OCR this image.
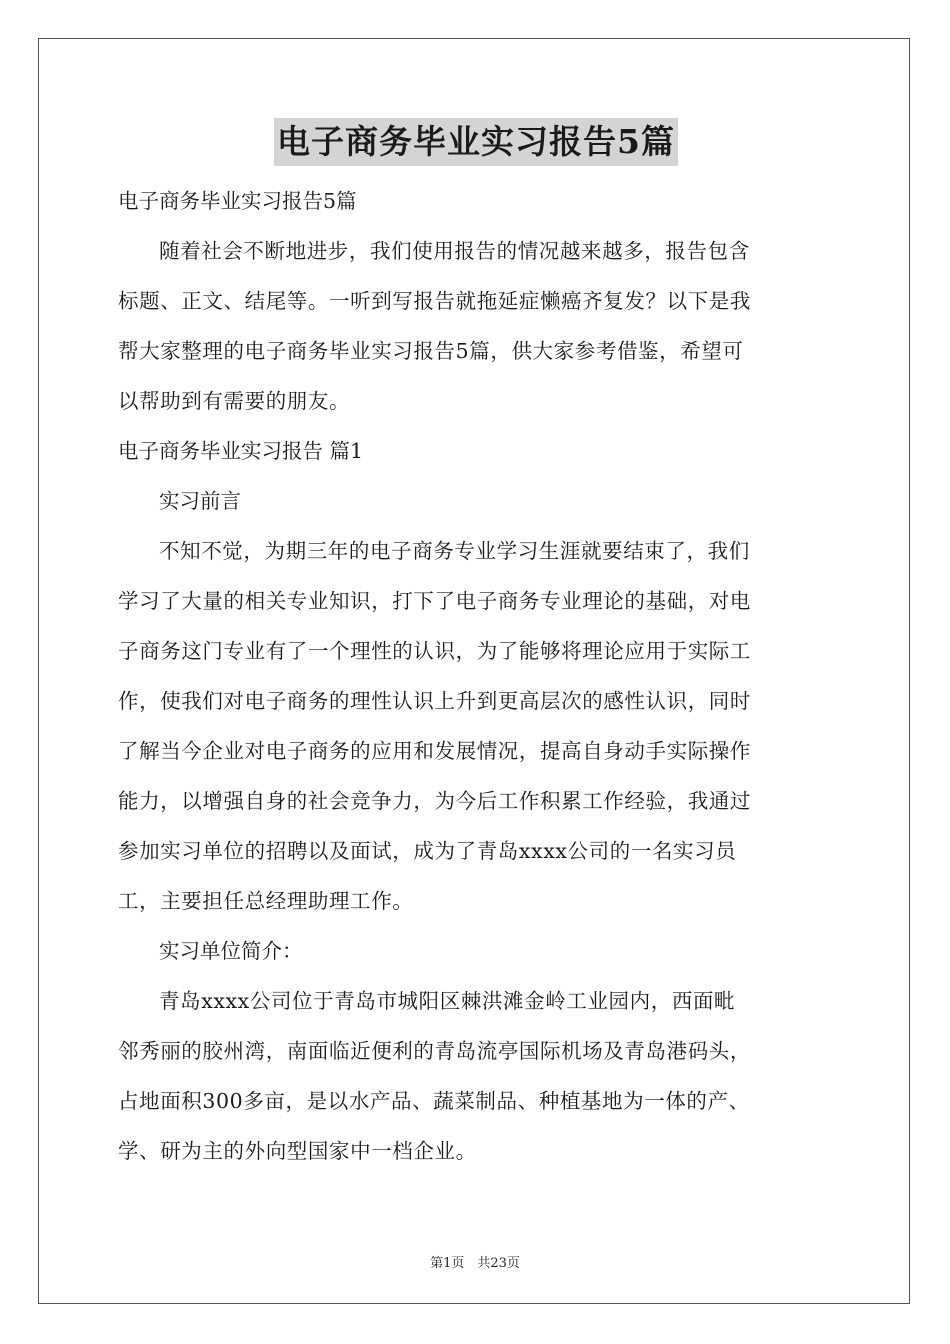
电子商务毕业实习报告5篇

电子商务毕业实习报告5篇

随着社会不断地进步，我们使用报告的情况越来越多，报告包含
标题、正文、结尾等。一听到写报告就拖延症懒癌齐复发？以下是我
帮大家整理的电子商务毕业实习报告5篇，供大家参考借鉴，希望可
以帮助到有需要的朋友。

电子商务毕业实习报告 篇1

实习前言

不知不觉，为期三年的电子商务专业学习生涯就要结束了，我们
学习了大量的相关专业知识，打下了电子商务专业理论的基础，对电
子商务这门专业有了一个理性的认识，为了能够将理论应用于实际工
作，使我们对电子商务的理性认识上升到更高层次的感性认识，同时
了解当今企业对电子商务的应用和发展情况，提高自身动手实际操作
能力，以增强自身的社会竞争力，为今后工作积累工作经验，我通过
参加实习单位的招聘以及面试，成为了青岛xxxx公司的一名实习员
工，主要担任总经理助理工作。

实习单位简介：

青岛xxxx公司位于青岛市城阳区棘洪滩金岭工业园内，西面毗
邻秀丽的胶州湾，南面临近便利的青岛流亭国际机场及青岛港码头，
占地面积300多亩，是以水产品、蔬菜制品、种植基地为一体的产、
学、研为主的外向型国家中一档企业。
第1页　共23页
